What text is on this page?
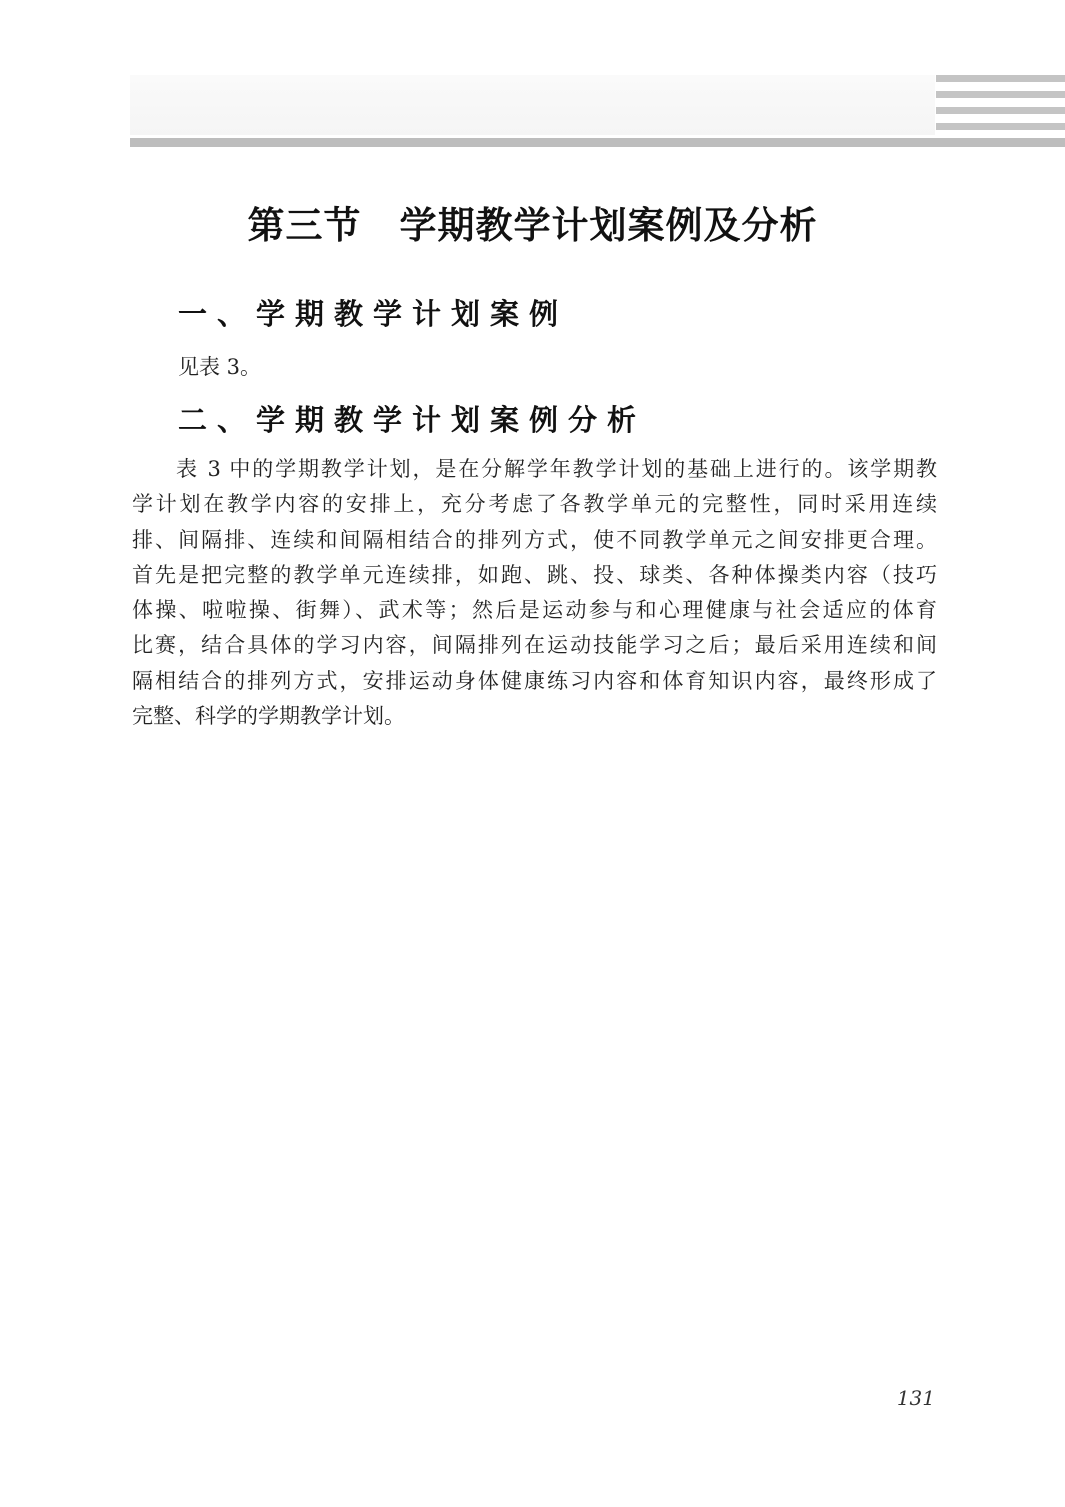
第三节　学期教学计划案例及分析
一、学期教学计划案例
见表 3。
二、学期教学计划案例分析
表 3 中的学期教学计划，是在分解学年教学计划的基础上进行的。该学期教
学计划在教学内容的安排上，充分考虑了各教学单元的完整性，同时采用连续
排、间隔排、连续和间隔相结合的排列方式，使不同教学单元之间安排更合理。
首先是把完整的教学单元连续排，如跑、跳、投、球类、各种体操类内容（技巧
体操、啦啦操、街舞）、武术等；然后是运动参与和心理健康与社会适应的体育
比赛，结合具体的学习内容，间隔排列在运动技能学习之后；最后采用连续和间
隔相结合的排列方式，安排运动身体健康练习内容和体育知识内容，最终形成了
完整、科学的学期教学计划。
131
